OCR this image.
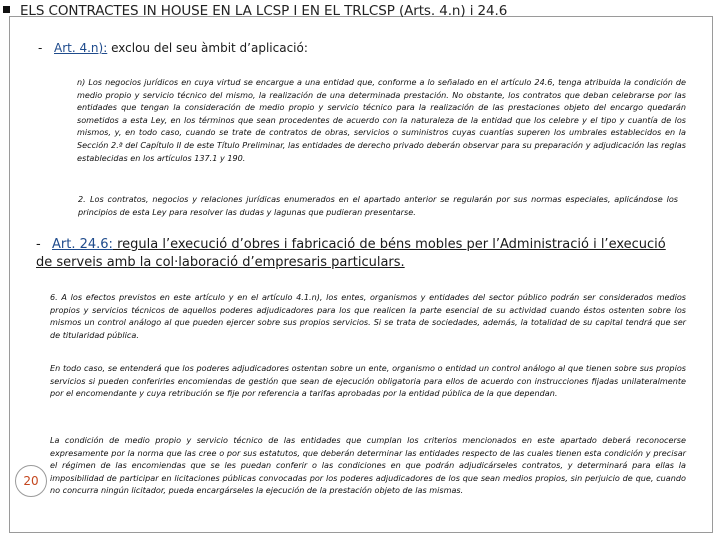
ELS CONTRACTES IN HOUSE EN LA LCSP I EN EL TRLCSP (Arts. 4.n) i 24.6
- Art. 4.n): exclou del seu àmbit d’aplicació:
n) Los negocios jurídicos en cuya virtud se encargue a una entidad que, conforme a lo señalado en el artículo 24.6, tenga atribuida la condición de medio propio y servicio técnico del mismo, la realización de una determinada prestación. No obstante, los contratos que deban celebrarse por las entidades que tengan la consideración de medio propio y servicio técnico para la realización de las prestaciones objeto del encargo quedarán sometidos a esta Ley, en los términos que sean procedentes de acuerdo con la naturaleza de la entidad que los celebre y el tipo y cuantía de los mismos, y, en todo caso, cuando se trate de contratos de obras, servicios o suministros cuyas cuantías superen los umbrales establecidos en la Sección 2.ª del Capítulo II de este Título Preliminar, las entidades de derecho privado deberán observar para su preparación y adjudicación las reglas establecidas en los artículos 137.1 y 190.
2. Los contratos, negocios y relaciones jurídicas enumerados en el apartado anterior se regularán por sus normas especiales, aplicándose los principios de esta Ley para resolver las dudas y lagunas que pudieran presentarse.
- Art. 24.6: regula l’execució d’obres i fabricació de béns mobles per l’Administració i l’execució de serveis amb la col·laboració d’empresaris particulars.
6. A los efectos previstos en este artículo y en el artículo 4.1.n), los entes, organismos y entidades del sector público podrán ser considerados medios propios y servicios técnicos de aquellos poderes adjudicadores para los que realicen la parte esencial de su actividad cuando éstos ostenten sobre los mismos un control análogo al que pueden ejercer sobre sus propios servicios. Si se trata de sociedades, además, la totalidad de su capital tendrá que ser de titularidad pública.
En todo caso, se entenderá que los poderes adjudicadores ostentan sobre un ente, organismo o entidad un control análogo al que tienen sobre sus propios servicios si pueden conferirles encomiendas de gestión que sean de ejecución obligatoria para ellos de acuerdo con instrucciones fijadas unilateralmente por el encomendante y cuya retribución se fije por referencia a tarifas aprobadas por la entidad pública de la que dependan.
La condición de medio propio y servicio técnico de las entidades que cumplan los criterios mencionados en este apartado deberá reconocerse expresamente por la norma que las cree o por sus estatutos, que deberán determinar las entidades respecto de las cuales tienen esta condición y precisar el régimen de las encomiendas que se les puedan conferir o las condiciones en que podrán adjudicárseles contratos, y determinará para ellas la imposibilidad de participar en licitaciones públicas convocadas por los poderes adjudicadores de los que sean medios propios, sin perjuicio de que, cuando no concurra ningún licitador, pueda encargárseles la ejecución de la prestación objeto de las mismas.
20
